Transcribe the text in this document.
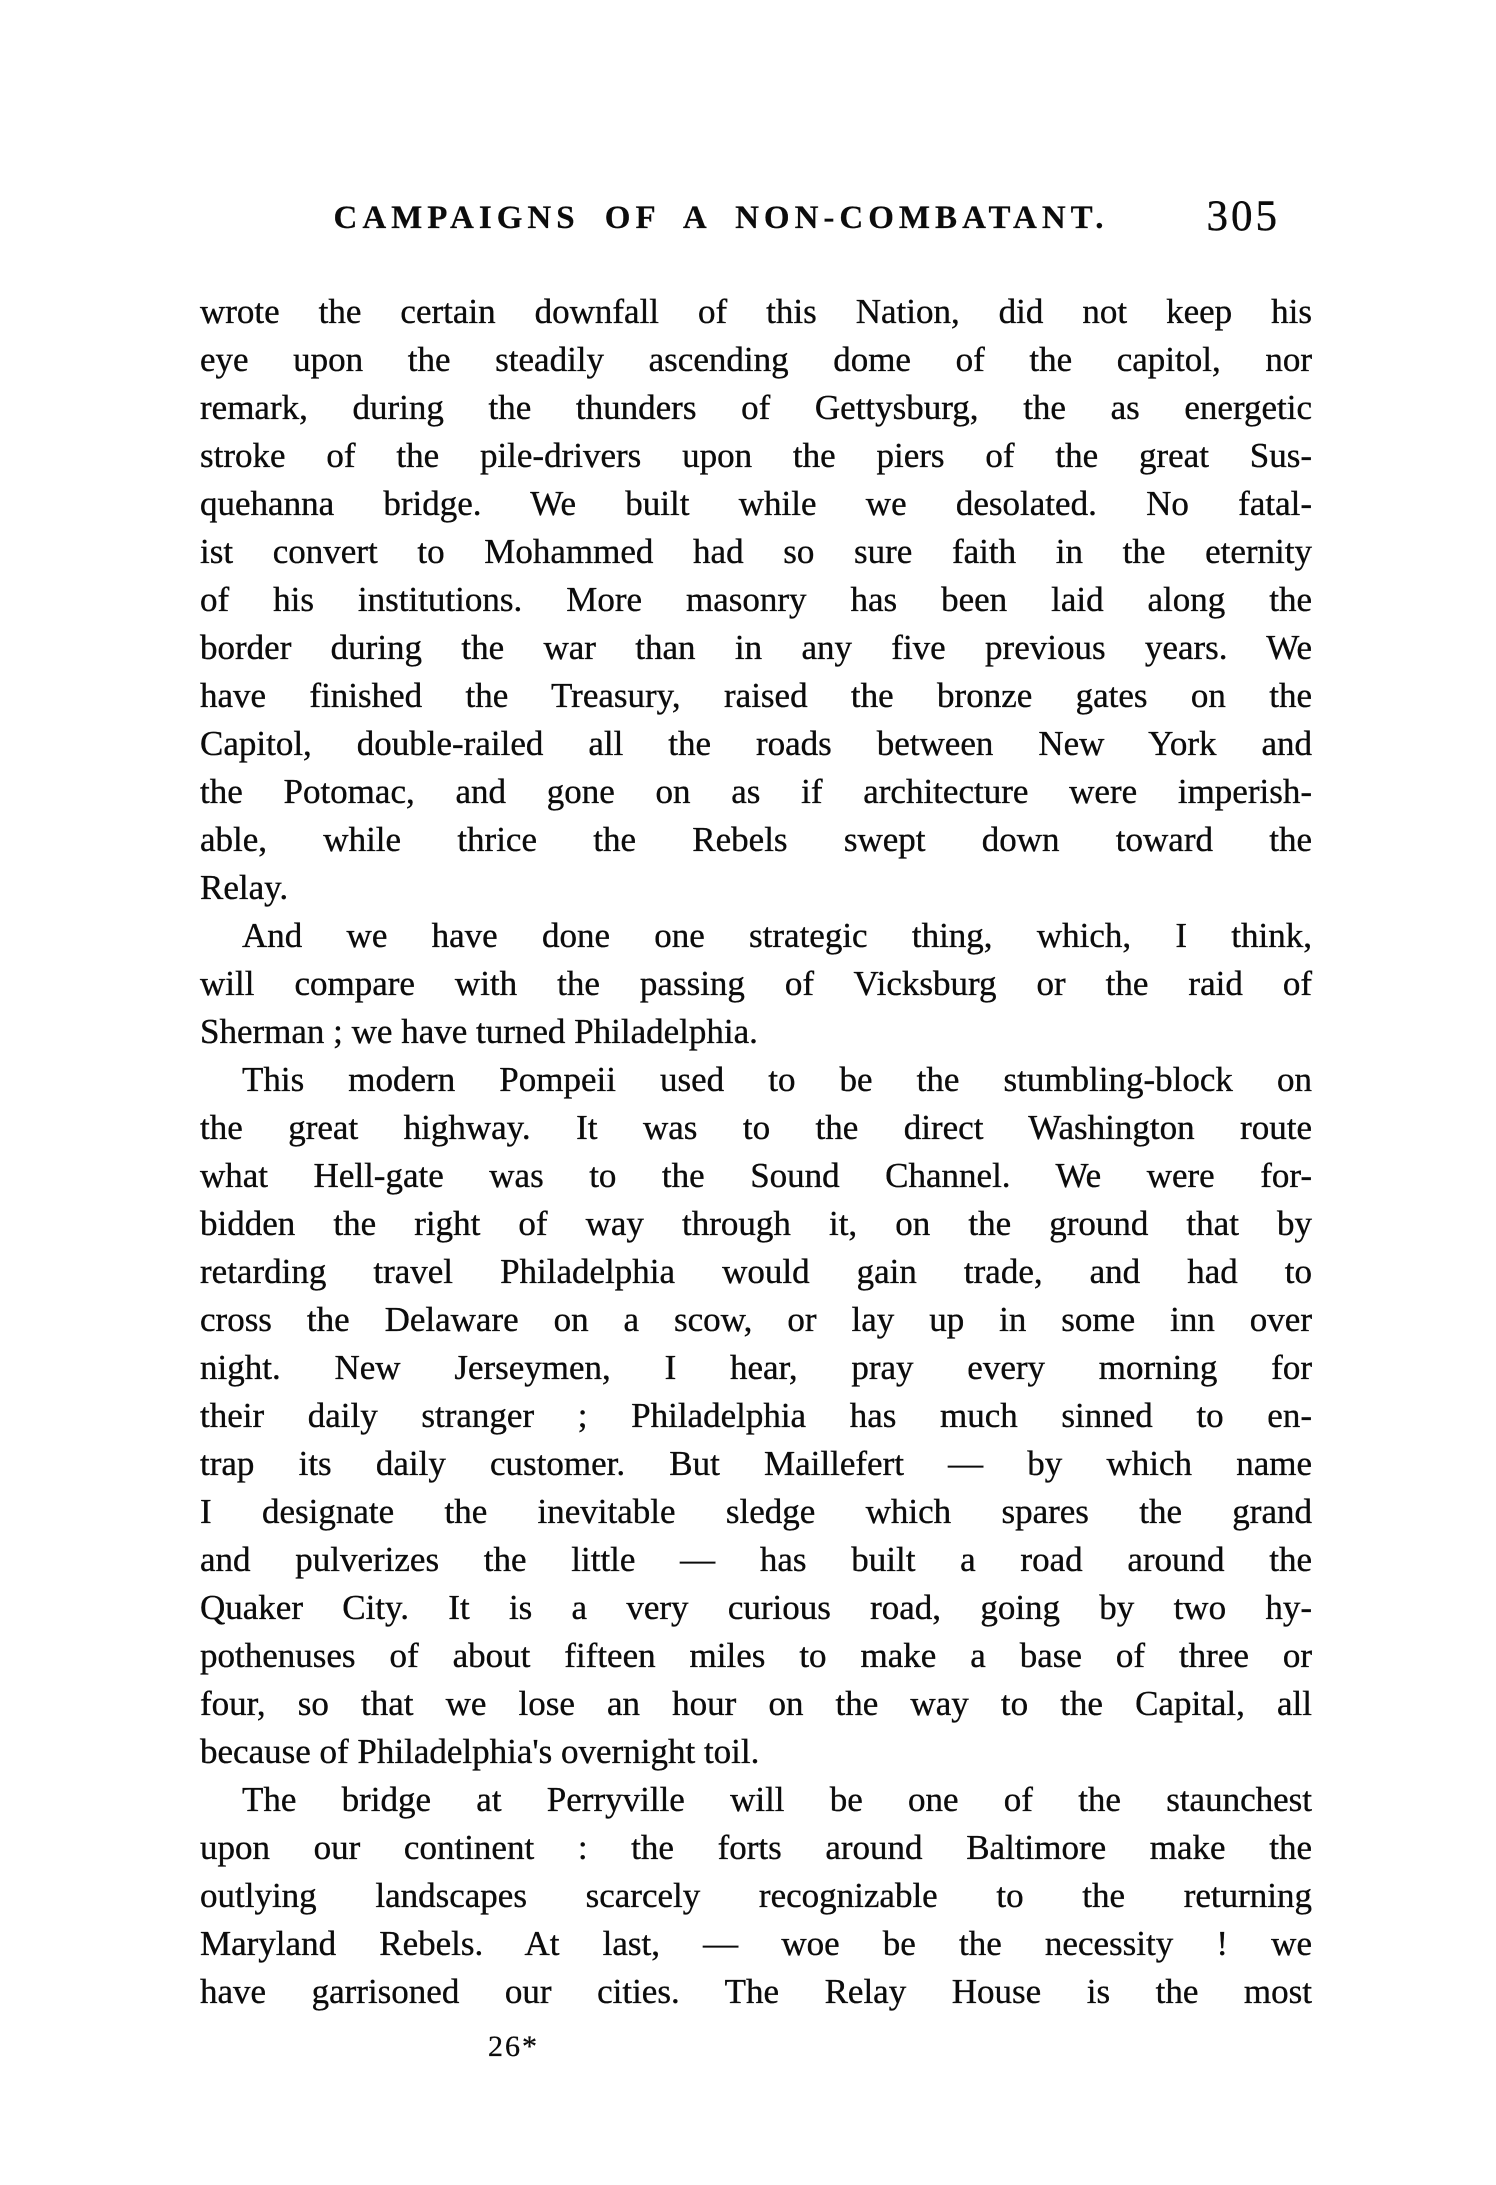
CAMPAIGNS OF A NON-COMBATANT.	305
wrote the certain downfall of this Nation, did not keep his
eye upon the steadily ascending dome of the capitol, nor
remark, during the thunders of Gettysburg, the as energetic
stroke of the pile-drivers upon the piers of the great Sus-
quehanna bridge. We built while we desolated. No fatal-
ist convert to Mohammed had so sure faith in the eternity
of his institutions. More masonry has been laid along the
border during the war than in any five previous years. We
have finished the Treasury, raised the bronze gates on the
Capitol, double-railed all the roads between New York and
the Potomac, and gone on as if architecture were imperish-
able, while thrice the Rebels swept down toward the
Relay.
And we have done one strategic thing, which, I think,
will compare with the passing of Vicksburg or the raid of
Sherman ; we have turned Philadelphia.
This modern Pompeii used to be the stumbling-block on
the great highway. It was to the direct Washington route
what Hell-gate was to the Sound Channel. We were for-
bidden the right of way through it, on the ground that by
retarding travel Philadelphia would gain trade, and had to
cross the Delaware on a scow, or lay up in some inn over
night. New Jerseymen, I hear, pray every morning for
their daily stranger ; Philadelphia has much sinned to en-
trap its daily customer. But Maillefert — by which name
I designate the inevitable sledge which spares the grand
and pulverizes the little — has built a road around the
Quaker City. It is a very curious road, going by two hy-
pothenuses of about fifteen miles to make a base of three or
four, so that we lose an hour on the way to the Capital, all
because of Philadelphia's overnight toil.
The bridge at Perryville will be one of the staunchest
upon our continent : the forts around Baltimore make the
outlying landscapes scarcely recognizable to the returning
Maryland Rebels. At last, — woe be the necessity ! we
have garrisoned our cities. The Relay House is the most
26*
